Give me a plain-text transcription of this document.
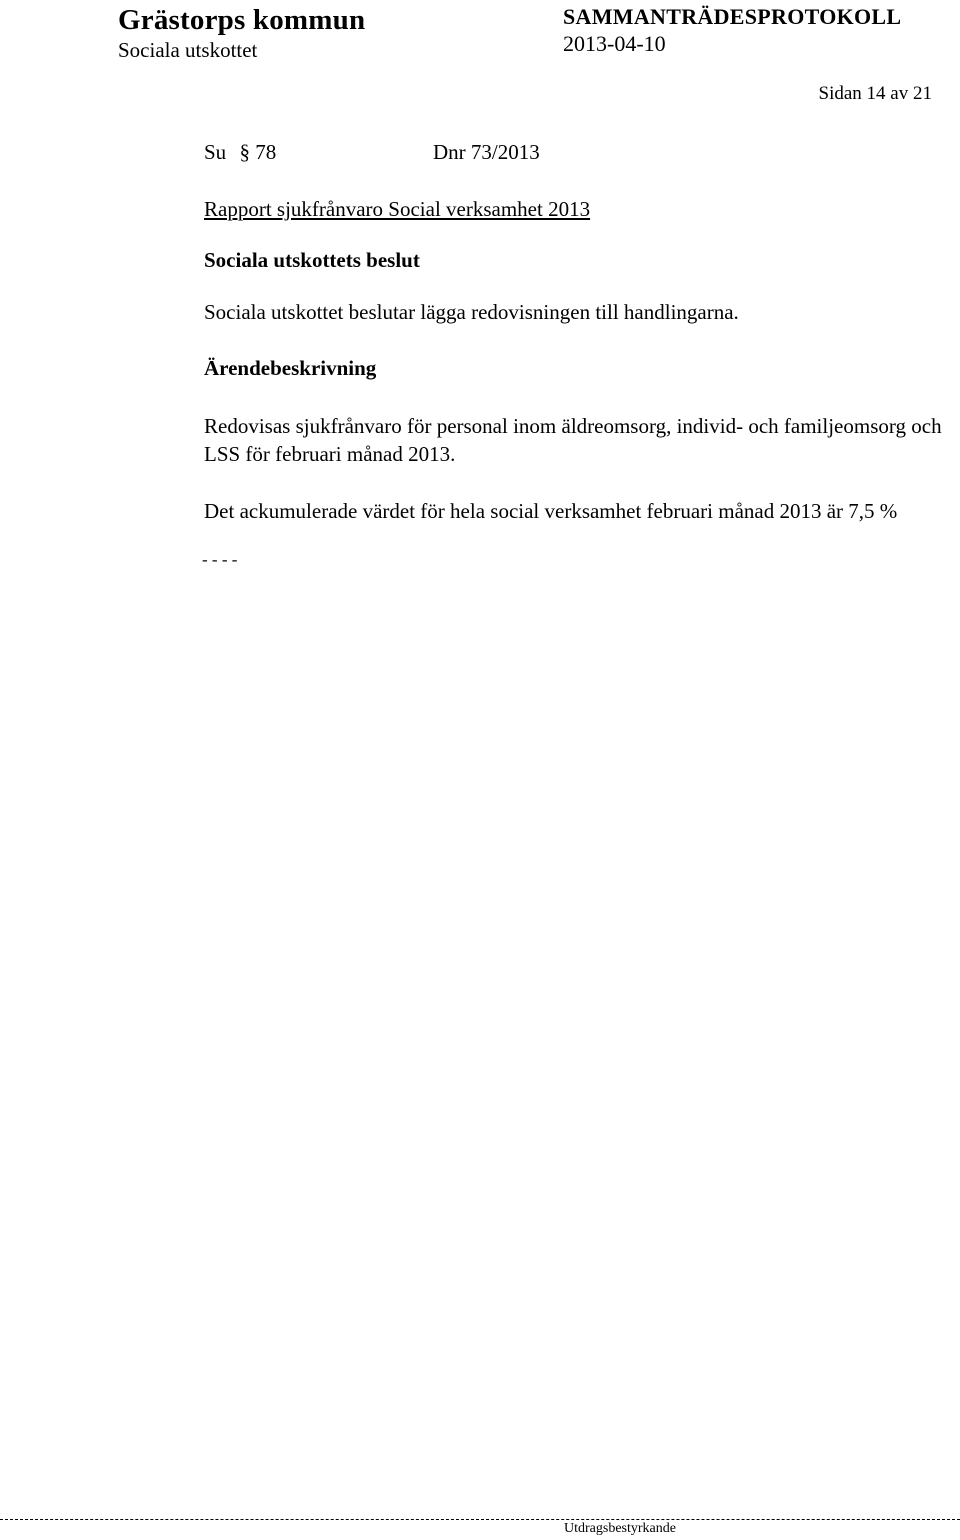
Grästorps kommun
Sociala utskottet
SAMMANTRÄDESPROTOKOLL
2013-04-10
Sidan 14 av 21
Su § 78	Dnr 73/2013
Rapport sjukfrånvaro Social verksamhet 2013
Sociala utskottets beslut
Sociala utskottet beslutar lägga redovisningen till handlingarna.
Ärendebeskrivning
Redovisas sjukfrånvaro för personal inom äldreomsorg, individ- och familjeomsorg och LSS för februari månad 2013.
Det ackumulerade värdet för hela social verksamhet februari månad 2013 är 7,5 %
- - - -
Utdragsbestyrkande
